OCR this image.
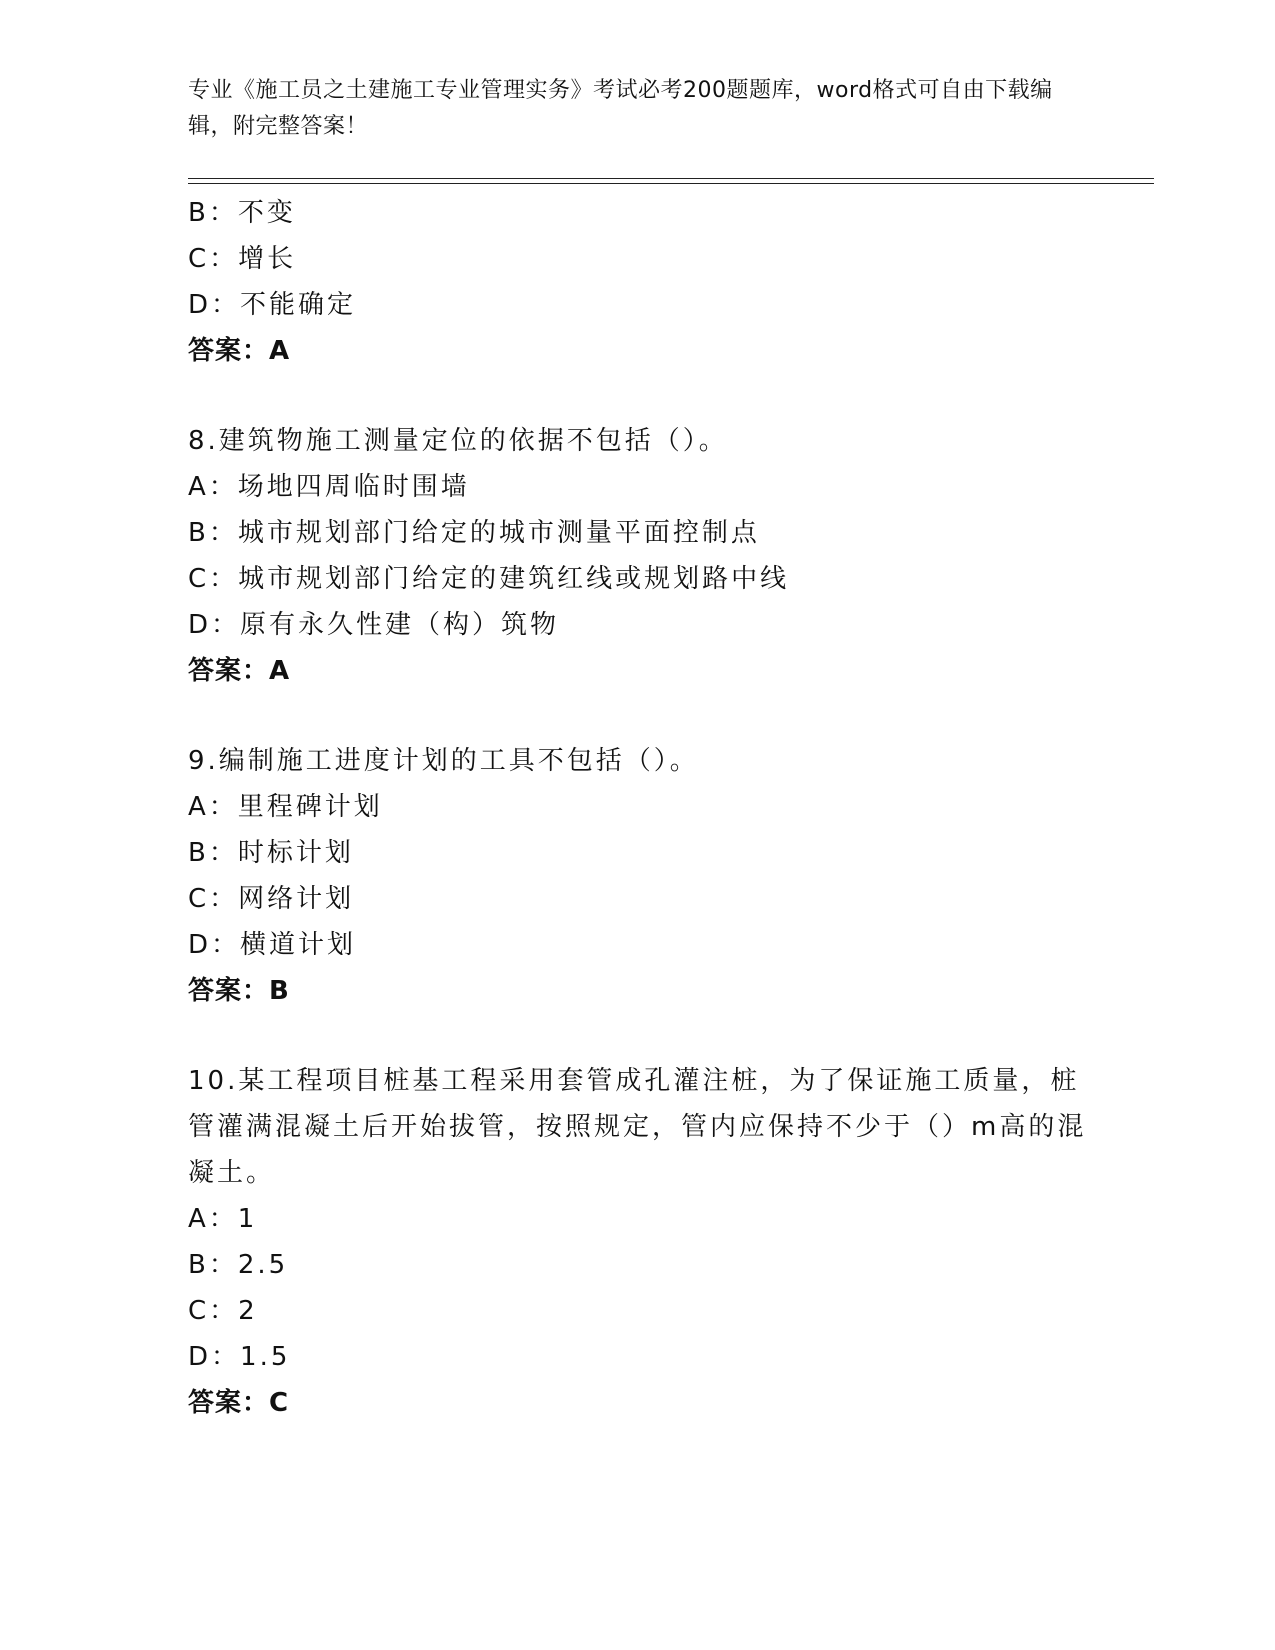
专业《施工员之土建施工专业管理实务》考试必考200题题库，word格式可自由下载编辑，附完整答案！
B：不变
C：增长
D：不能确定
答案：A
8.建筑物施工测量定位的依据不包括（）。
A：场地四周临时围墙
B：城市规划部门给定的城市测量平面控制点
C：城市规划部门给定的建筑红线或规划路中线
D：原有永久性建（构）筑物
答案：A
9.编制施工进度计划的工具不包括（）。
A：里程碑计划
B：时标计划
C：网络计划
D：横道计划
答案：B
10.某工程项目桩基工程采用套管成孔灌注桩，为了保证施工质量，桩管灌满混凝土后开始拔管，按照规定，管内应保持不少于（）m高的混凝土。
A：1
B：2.5
C：2
D：1.5
答案：C
